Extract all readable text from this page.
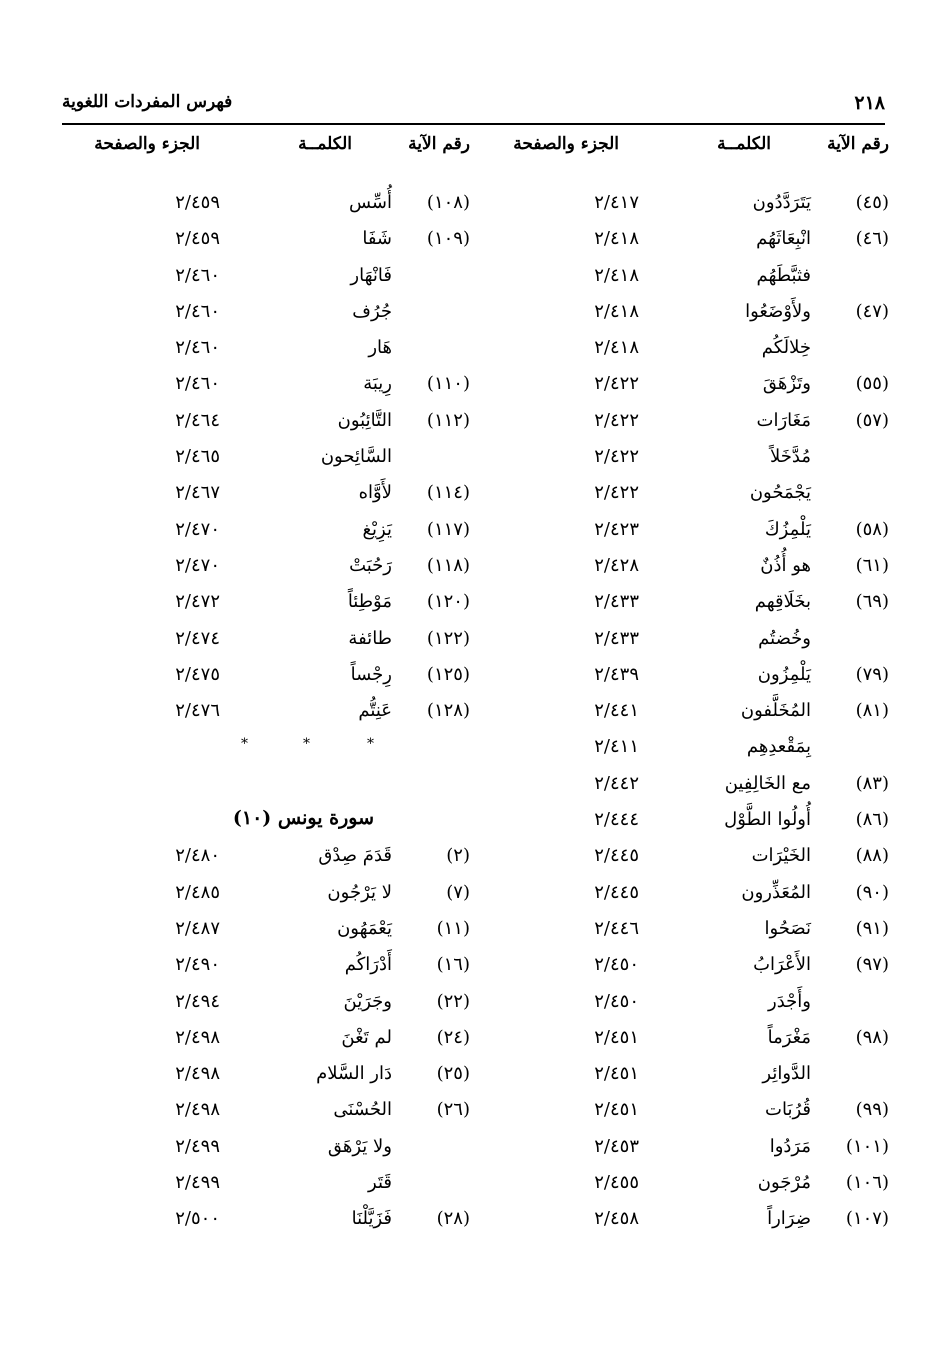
٢١٨
فهرس المفردات اللغوية
رقم الآية
الكلمــة
الجزء والصفحة
(٤٥)
يَتَرَدَّدُون
٢/٤١٧
(٤٦)
انْبِعَاثَهُم
٢/٤١٨
فثبَّطَهُم
٢/٤١٨
(٤٧)
ولأَوْضَعُوا
٢/٤١٨
خِلالَكُم
٢/٤١٨
(٥٥)
وتَزْهَقَ
٢/٤٢٢
(٥٧)
مَغَارَات
٢/٤٢٢
مُدَّخَلاً
٢/٤٢٢
يَجْمَحُون
٢/٤٢٢
(٥٨)
يَلْمِزُكَ
٢/٤٢٣
(٦١)
هو أُذُنٌ
٢/٤٢٨
(٦٩)
بخَلَاقِهم
٢/٤٣٣
وخُضتُم
٢/٤٣٣
(٧٩)
يَلْمِزُون
٢/٤٣٩
(٨١)
المُخَلَّفون
٢/٤٤١
بِمَقْعدِهِم
٢/٤١١
(٨٣)
مع الخَالِفِين
٢/٤٤٢
(٨٦)
أُولُوا الطَّوْل
٢/٤٤٤
(٨٨)
الخَيْرَات
٢/٤٤٥
(٩٠)
المُعَذِّرون
٢/٤٤٥
(٩١)
نَصَحُوا
٢/٤٤٦
(٩٧)
الأَعْرَابُ
٢/٤٥٠
وأَجْدَر
٢/٤٥٠
(٩٨)
مَغْرَماً
٢/٤٥١
الدَّوائِر
٢/٤٥١
(٩٩)
قُرُبَات
٢/٤٥١
(١٠١)
مَرَدُوا
٢/٤٥٣
(١٠٦)
مُرْجَون
٢/٤٥٥
(١٠٧)
ضِرَاراً
٢/٤٥٨
رقم الآية
الكلمــة
الجزء والصفحة
(١٠٨)
أُسِّس
٢/٤٥٩
(١٠٩)
شَفَا
٢/٤٥٩
فَانْهَار
٢/٤٦٠
جُرُف
٢/٤٦٠
هَار
٢/٤٦٠
(١١٠)
رِيبَة
٢/٤٦٠
(١١٢)
التَّائِبُون
٢/٤٦٤
السَّائِحون
٢/٤٦٥
(١١٤)
لأَوَّاه
٢/٤٦٧
(١١٧)
يَزِيْغ
٢/٤٧٠
(١١٨)
رَحُبَتْ
٢/٤٧٠
(١٢٠)
مَوْطِئاً
٢/٤٧٢
(١٢٢)
طائفة
٢/٤٧٤
(١٢٥)
رِجْساً
٢/٤٧٥
(١٢٨)
عَنِتُّم
٢/٤٧٦
*
*
*
سورة يونس (١٠)
(٢)
قَدَمَ صِدْق
٢/٤٨٠
(٧)
لا يَرْجُون
٢/٤٨٥
(١١)
يَعْمَهُون
٢/٤٨٧
(١٦)
أَدْرَاكُم
٢/٤٩٠
(٢٢)
وجَرَيْنَ
٢/٤٩٤
(٢٤)
لم تَغْنَ
٢/٤٩٨
(٢٥)
دَار السَّلام
٢/٤٩٨
(٢٦)
الحُسْنَى
٢/٤٩٨
ولا يَرْهَق
٢/٤٩٩
قَتَر
٢/٤٩٩
(٢٨)
فَزَيَّلْنَا
٢/٥٠٠
